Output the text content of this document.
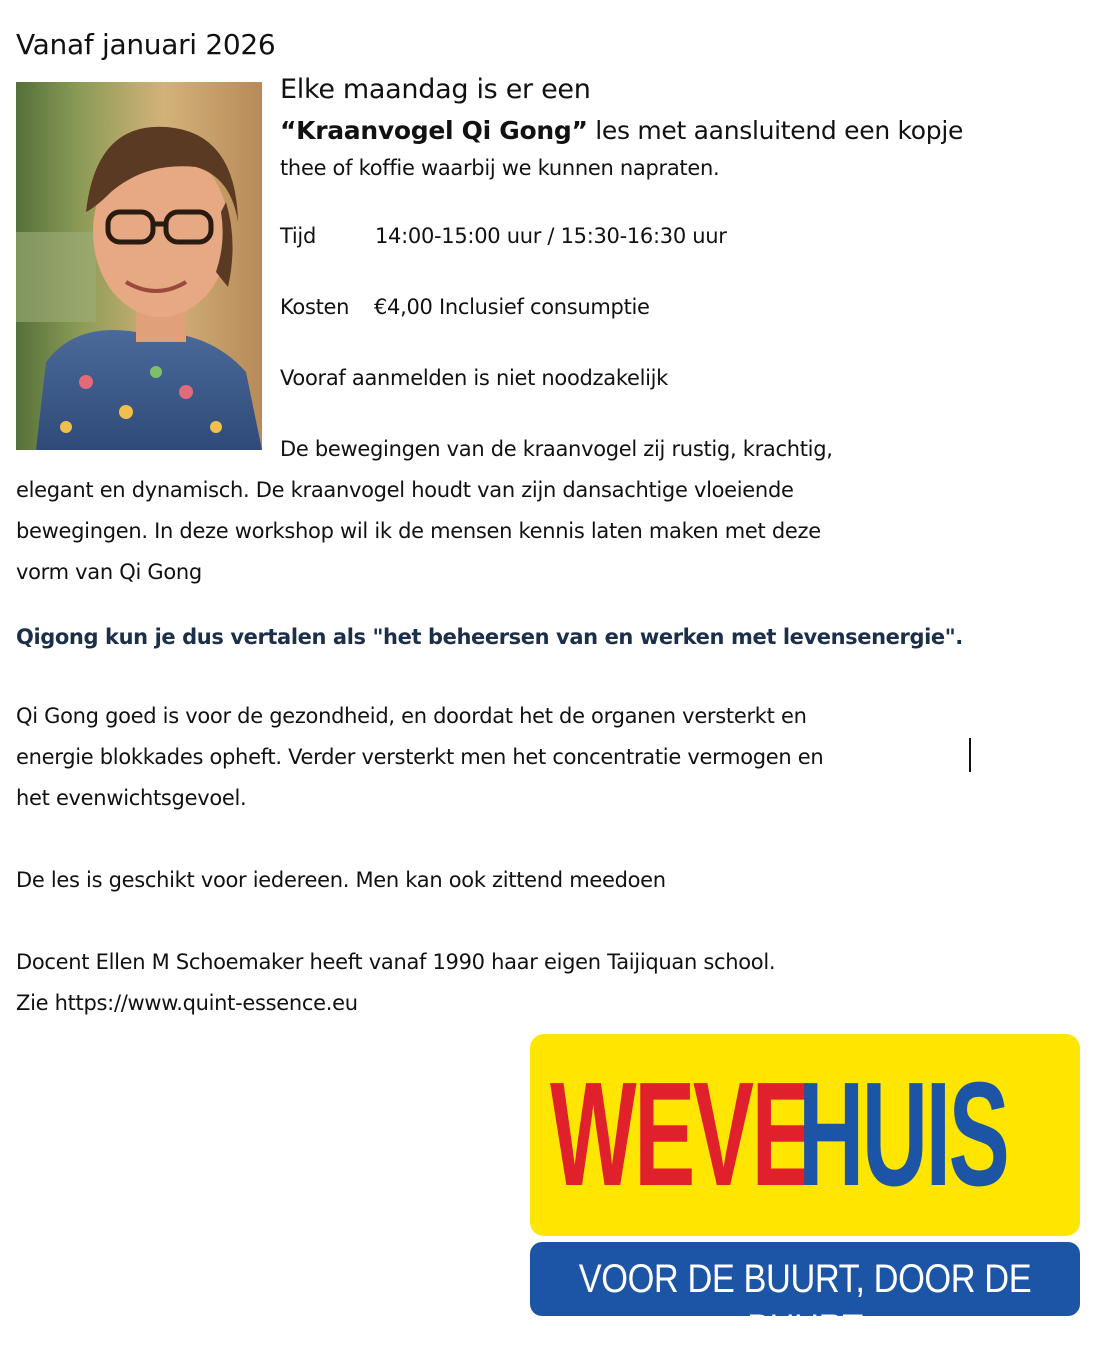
Vanaf januari 2026
Elke maandag is er een
“Kraanvogel Qi Gong” les met aansluitend een kopje
thee of koffie waarbij we kunnen napraten.
Tijd	14:00-15:00 uur / 15:30-16:30 uur
Kosten €4,00 Inclusief consumptie
Vooraf aanmelden is niet noodzakelijk
De bewegingen van de kraanvogel zij rustig, krachtig,
elegant en dynamisch. De kraanvogel houdt van zijn dansachtige vloeiende
bewegingen. In deze workshop wil ik de mensen kennis laten maken met deze
vorm van Qi Gong
Qigong kun je dus vertalen als "het beheersen van en werken met levensenergie".
Qi Gong goed is voor de gezondheid, en doordat het de organen versterkt en
energie blokkades opheft. Verder versterkt men het concentratie vermogen en
het evenwichtsgevoel.
De les is geschikt voor iedereen. Men kan ook zittend meedoen
Docent Ellen M Schoemaker heeft vanaf 1990 haar eigen Taijiquan school.
Zie https://www.quint-essence.eu
WEVE
HUIS
VOOR DE BUURT, DOOR DE BUURT
